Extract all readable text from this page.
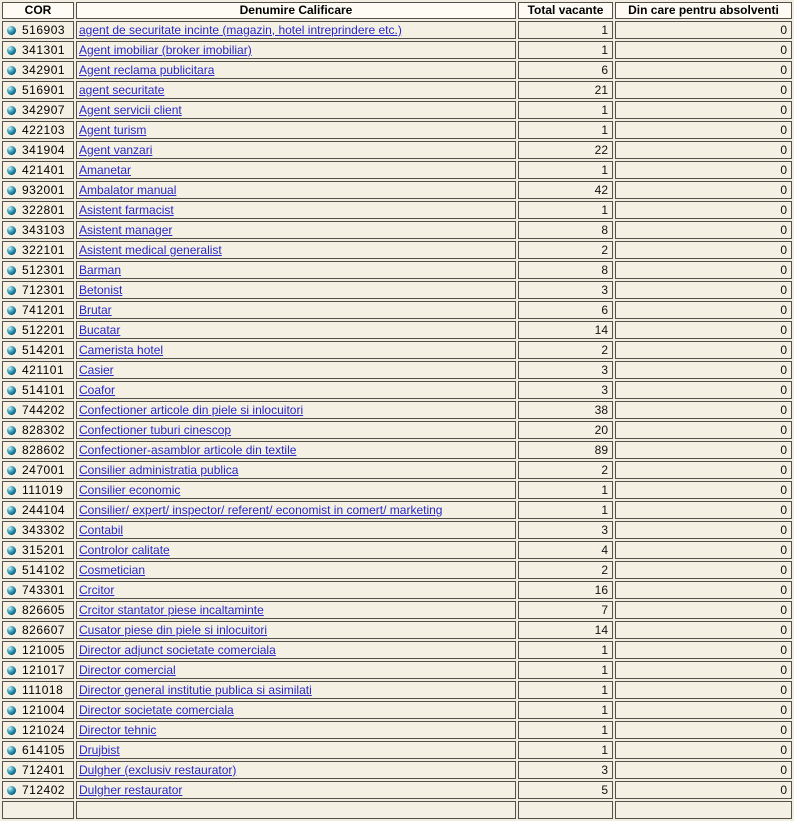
COR	Denumire Calificare	Total vacante	Din care pentru absolventi
516903	agent de securitate incinte (magazin, hotel intreprindere etc.)	1	0
341301	Agent imobiliar (broker imobiliar)	1	0
342901	Agent reclama publicitara	6	0
516901	agent securitate	21	0
342907	Agent servicii client	1	0
422103	Agent turism	1	0
341904	Agent vanzari	22	0
421401	Amanetar	1	0
932001	Ambalator manual	42	0
322801	Asistent farmacist	1	0
343103	Asistent manager	8	0
322101	Asistent medical generalist	2	0
512301	Barman	8	0
712301	Betonist	3	0
741201	Brutar	6	0
512201	Bucatar	14	0
514201	Camerista hotel	2	0
421101	Casier	3	0
514101	Coafor	3	0
744202	Confectioner articole din piele si inlocuitori	38	0
828302	Confectioner tuburi cinescop	20	0
828602	Confectioner-asamblor articole din textile	89	0
247001	Consilier administratia publica	2	0
111019	Consilier economic	1	0
244104	Consilier/ expert/ inspector/ referent/ economist in comert/ marketing	1	0
343302	Contabil	3	0
315201	Controlor calitate	4	0
514102	Cosmetician	2	0
743301	Crcitor	16	0
826605	Crcitor stantator piese incaltaminte	7	0
826607	Cusator piese din piele si inlocuitori	14	0
121005	Director adjunct societate comerciala	1	0
121017	Director comercial	1	0
111018	Director general institutie publica si asimilati	1	0
121004	Director societate comerciala	1	0
121024	Director tehnic	1	0
614105	Drujbist	1	0
712401	Dulgher (exclusiv restaurator)	3	0
712402	Dulgher restaurator	5	0
